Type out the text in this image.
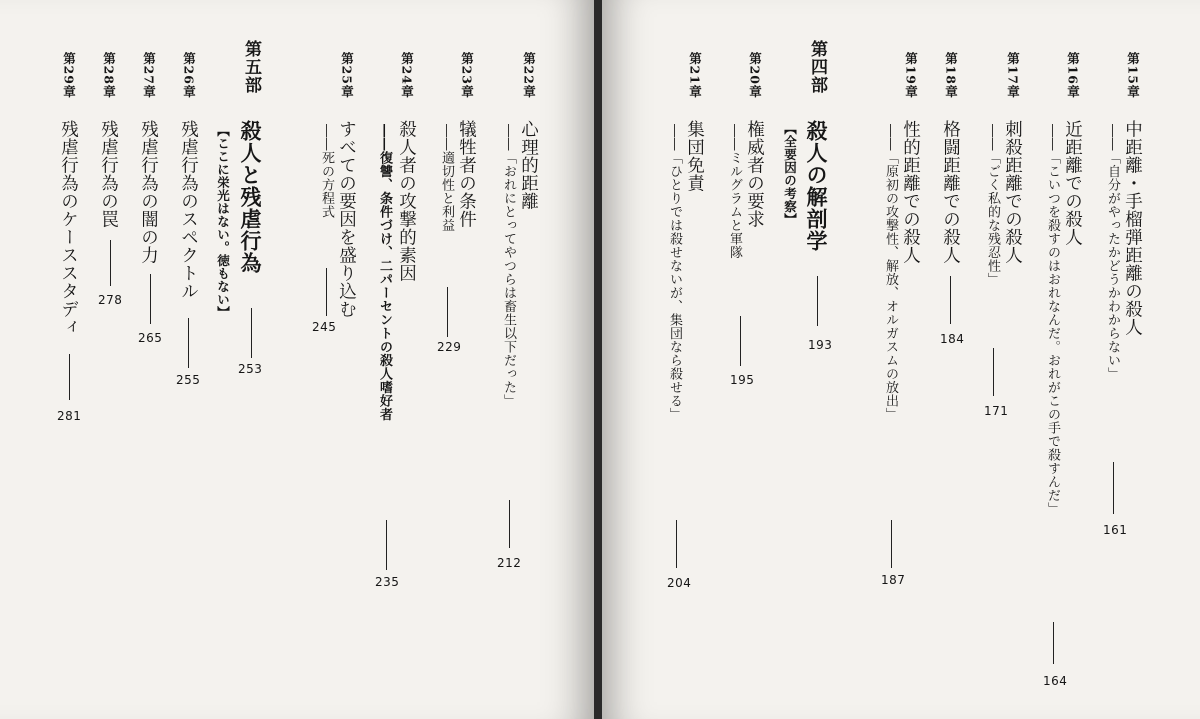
第15章
中距離・手榴弾距離の殺人
――「自分がやったかどうかわからない」
161
第16章
近距離での殺人
――「こいつを殺すのはおれなんだ。おれがこの手で殺すんだ」
164
第17章
刺殺距離での殺人
――「ごく私的な残忍性」
171
第18章
格闘距離での殺人
184
第19章
性的距離での殺人
――「原初の攻撃性、解放、オルガスムの放出」
187
第四部
殺人の解剖学
【全要因の考察】
193
第20章
権威者の要求
――ミルグラムと軍隊
195
第21章
集団免責
――「ひとりでは殺せないが、集団なら殺せる」
204
第22章
心理的距離
――「おれにとってやつらは畜生以下だった」
212
第23章
犠牲者の条件
――適切性と利益
229
第24章
殺人者の攻撃的素因
――復讐、条件づけ、二パーセントの殺人嗜好者
235
第25章
すべての要因を盛り込む
――死の方程式
245
第五部
殺人と残虐行為
【ここに栄光はない。徳もない】
253
第26章
残虐行為のスペクトル
255
第27章
残虐行為の闇の力
265
第28章
残虐行為の罠
278
第29章
残虐行為のケーススタディ
281
